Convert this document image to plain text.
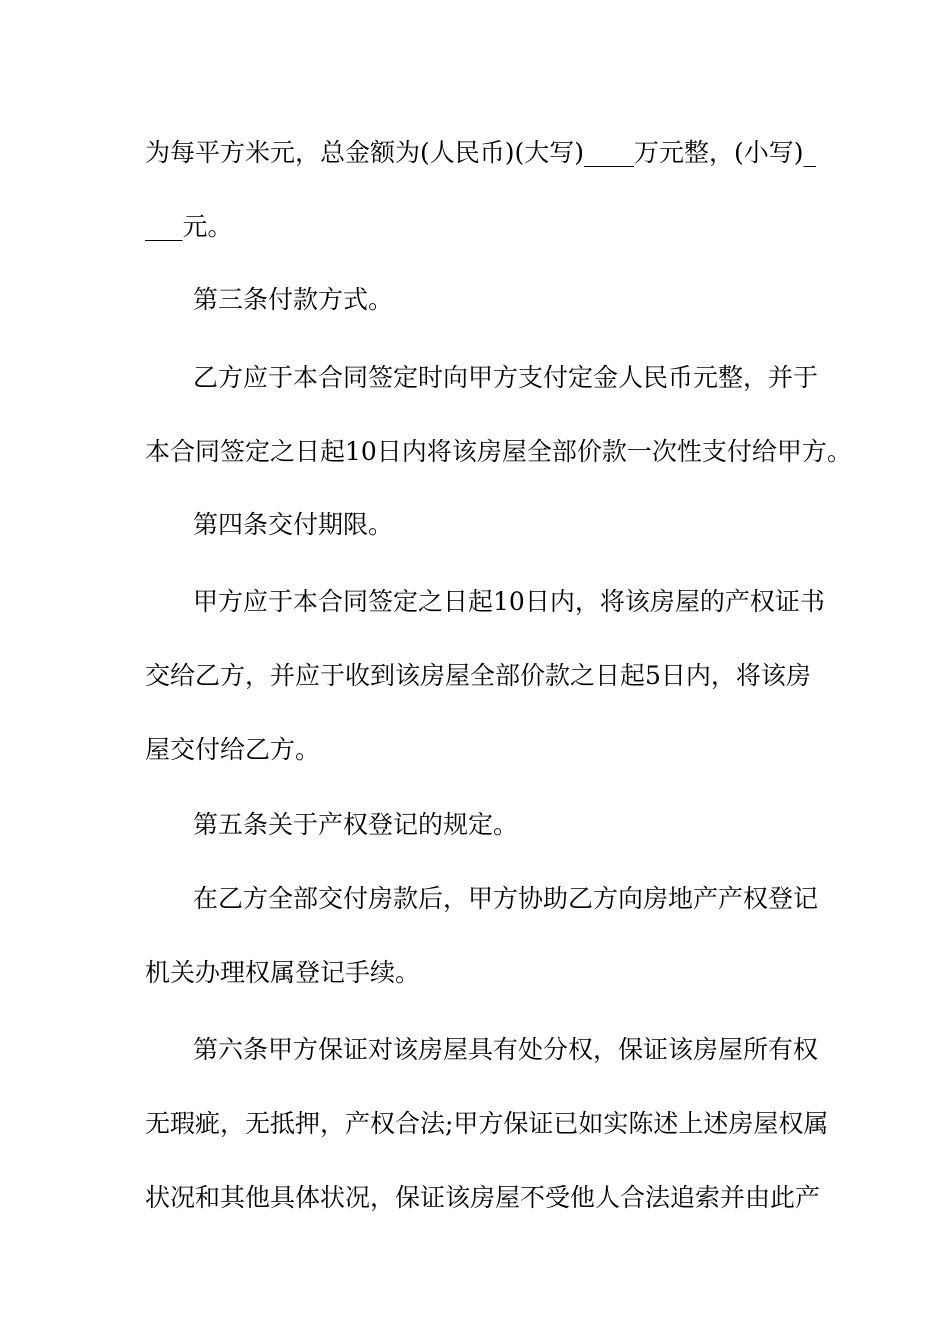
为每平方米元，总金额为(人民币)(大写)____万元整，(小写)_
___元。
第三条付款方式。
乙方应于本合同签定时向甲方支付定金人民币元整，并于
本合同签定之日起10日内将该房屋全部价款一次性支付给甲方。
第四条交付期限。
甲方应于本合同签定之日起10日内，将该房屋的产权证书
交给乙方，并应于收到该房屋全部价款之日起5日内，将该房
屋交付给乙方。
第五条关于产权登记的规定。
在乙方全部交付房款后，甲方协助乙方向房地产产权登记
机关办理权属登记手续。
第六条甲方保证对该房屋具有处分权，保证该房屋所有权
无瑕疵，无抵押，产权合法;甲方保证已如实陈述上述房屋权属
状况和其他具体状况，保证该房屋不受他人合法追索并由此产
